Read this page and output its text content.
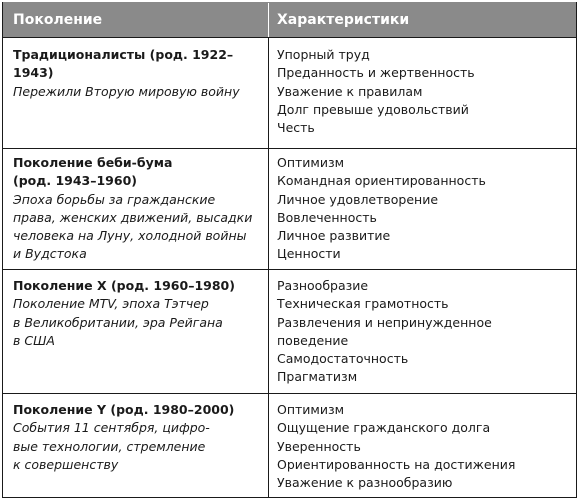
Поколение	Характеристики

Традиционалисты (род. 1922–1943)

Пережили Вторую мировую войну

Упорный труд
Преданность и жертвенность
Уважение к правилам
Долг превыше удовольствий
Честь

Поколение беби-бума
(род. 1943–1960)

Эпоха борьбы за гражданские
права, женских движений, высадки
человека на Луну, холодной войны
и Вудстока

Оптимизм
Командная ориентированность
Личное удовлетворение
Вовлеченность
Личное развитие
Ценности

Поколение X (род. 1960–1980)

Поколение MTV, эпоха Тэтчер
в Великобритании, эра Рейгана
в США

Разнообразие
Техническая грамотность
Развлечения и непринужденное
поведение
Самодостаточность
Прагматизм

Поколение Y (род. 1980–2000)

События 11 сентября, цифро-
вые технологии, стремление
к совершенству

Оптимизм
Ощущение гражданского долга
Уверенность
Ориентированность на достижения
Уважение к разнообразию
